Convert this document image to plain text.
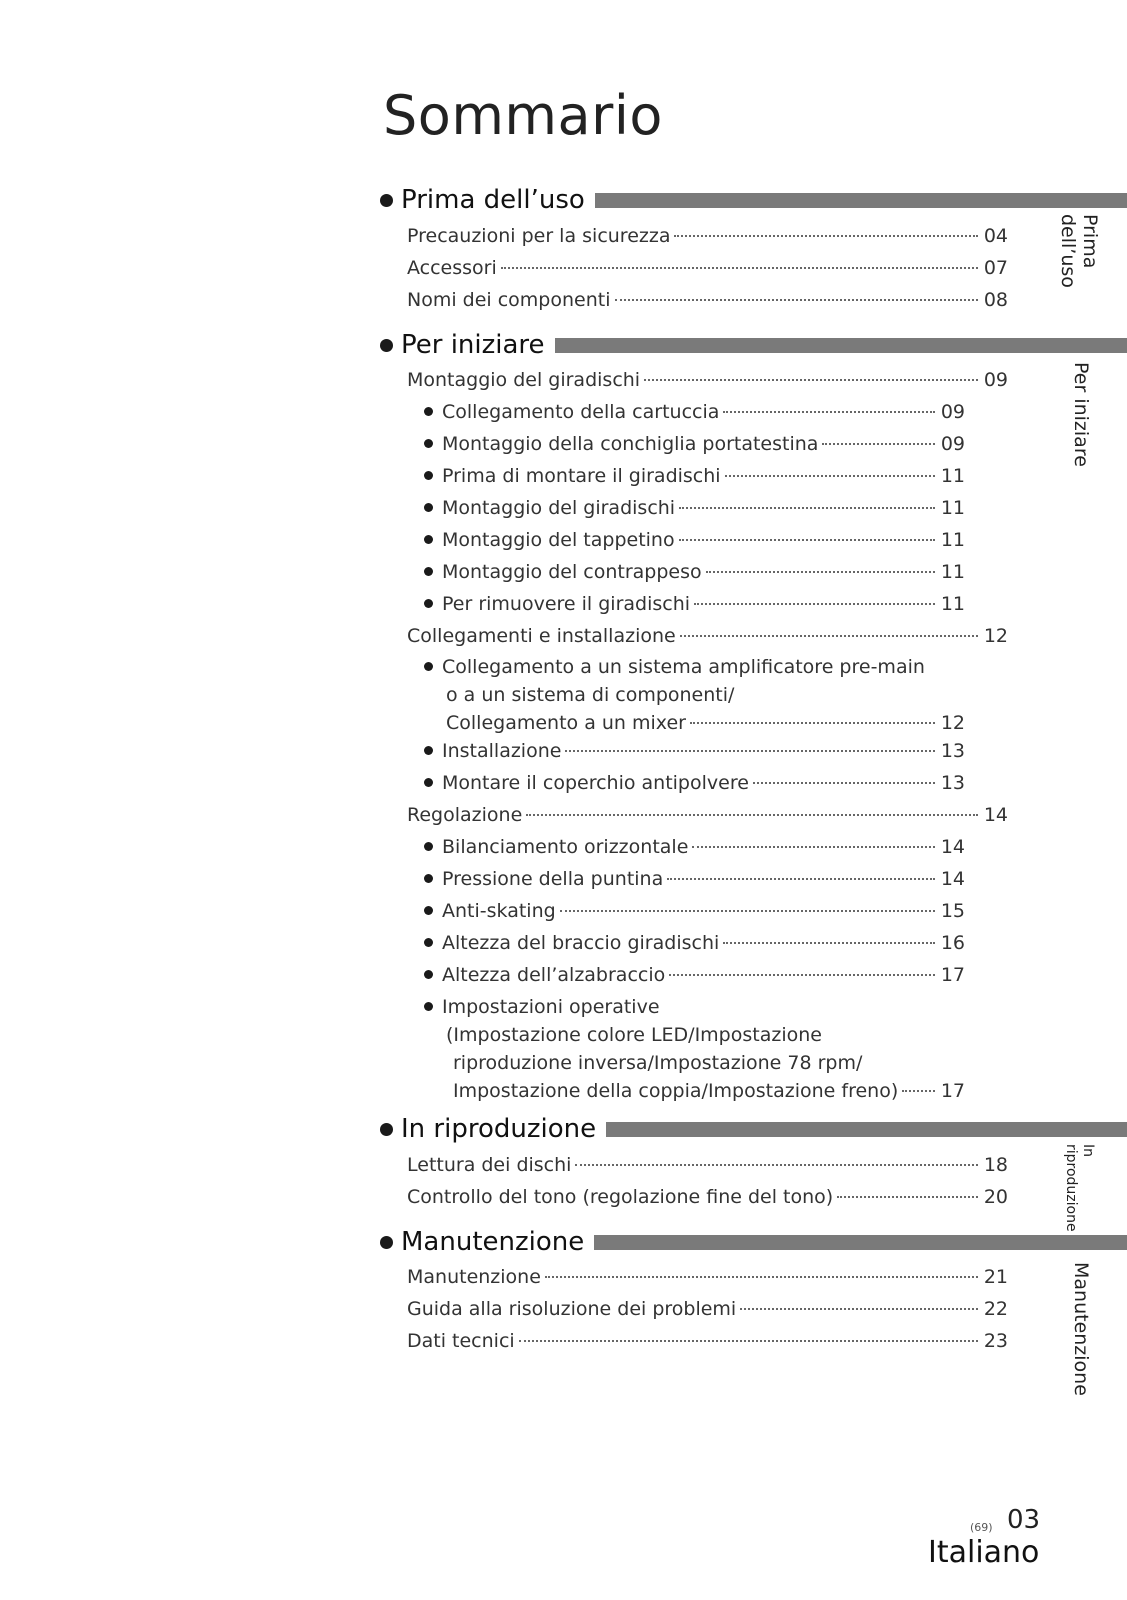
Sommario
Prima dell’uso
Precauzioni per la sicurezza	04
Accessori	07
Nomi dei componenti	08
Per iniziare
Montaggio del giradischi	09
Collegamento della cartuccia	09
Montaggio della conchiglia portatestina	09
Prima di montare il giradischi	11
Montaggio del giradischi	11
Montaggio del tappetino	11
Montaggio del contrappeso	11
Per rimuovere il giradischi	11
Collegamenti e installazione	12
Collegamento a un sistema amplificatore pre-main
o a un sistema di componenti/
Collegamento a un mixer	12
Installazione	13
Montare il coperchio antipolvere	13
Regolazione	14
Bilanciamento orizzontale	14
Pressione della puntina	14
Anti-skating	15
Altezza del braccio giradischi	16
Altezza dell’alzabraccio	17
Impostazioni operative
(Impostazione colore LED/Impostazione
riproduzione inversa/Impostazione 78 rpm/
Impostazione della coppia/Impostazione freno) 17
In riproduzione
Lettura dei dischi	18
Controllo del tono (regolazione fine del tono)	20
Manutenzione
Manutenzione	21
Guida alla risoluzione dei problemi	22
Dati tecnici	23
Prima
dell’uso
Per iniziare
In
riproduzione
Manutenzione
(69) 03
Italiano
